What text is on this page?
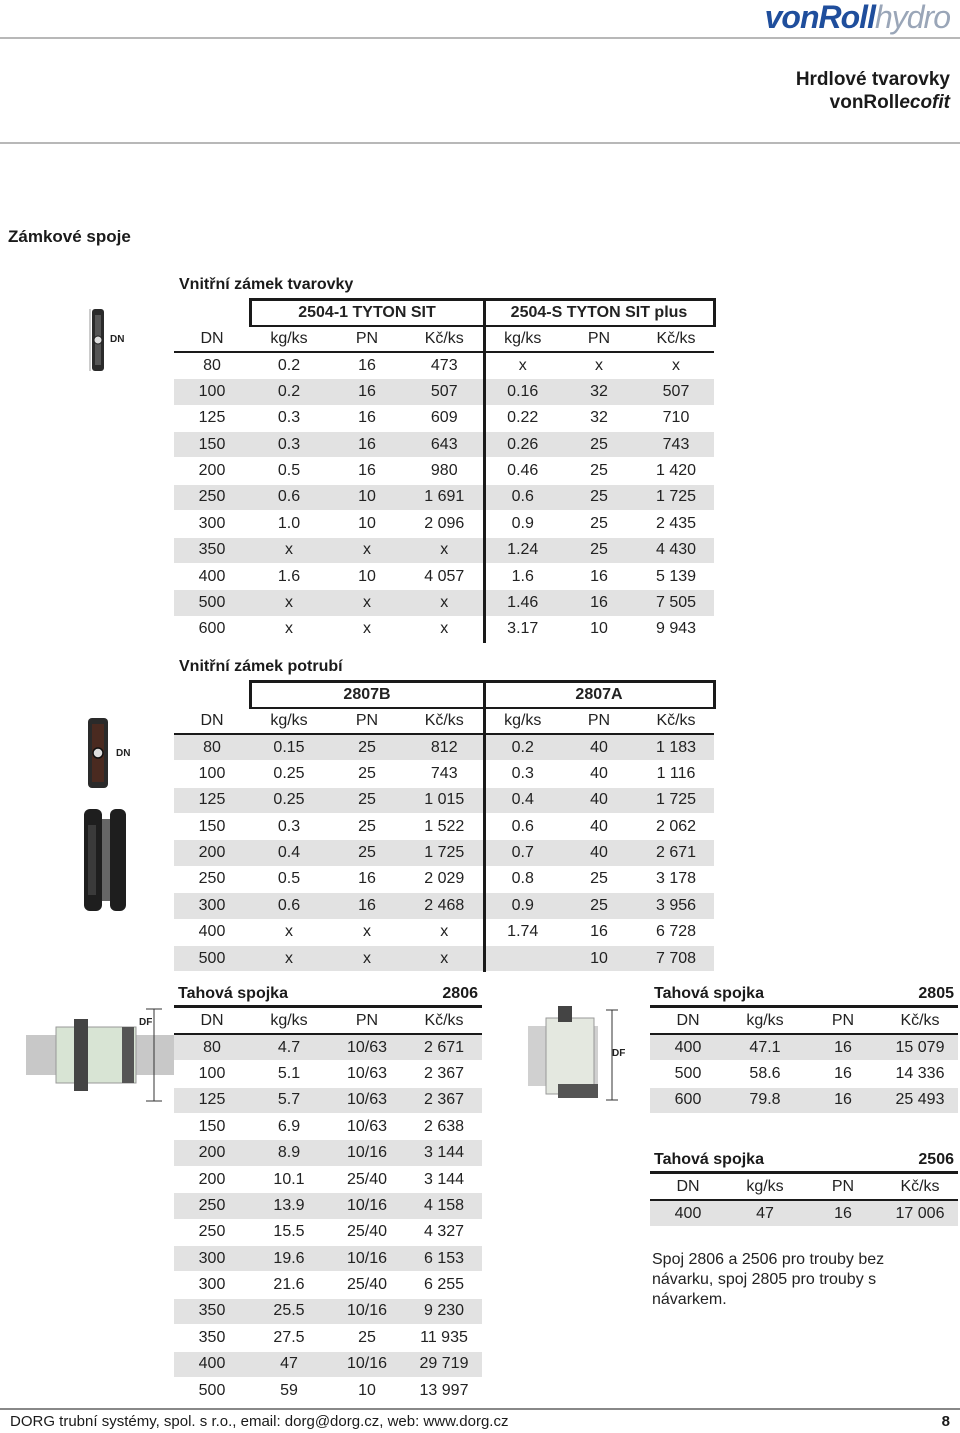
vonRollhydro
Hrdlové tvarovky
vonRollecofit
Zámkové spoje
DN
Vnitřní zámek tvarovky
	2504-1 TYTON SIT			2504-S TYTON SIT plus		
DN	kg/ks	PN	Kč/ks	kg/ks	PN	Kč/ks
80	0.2	16	473	x	x	x
100	0.2	16	507	0.16	32	507
125	0.3	16	609	0.22	32	710
150	0.3	16	643	0.26	25	743
200	0.5	16	980	0.46	25	1 420
250	0.6	10	1 691	0.6	25	1 725
300	1.0	10	2 096	0.9	25	2 435
350	x	x	x	1.24	25	4 430
400	1.6	10	4 057	1.6	16	5 139
500	x	x	x	1.46	16	7 505
600	x	x	x	3.17	10	9 943
DN
Vnitřní zámek potrubí
	2807B			2807A		
DN	kg/ks	PN	Kč/ks	kg/ks	PN	Kč/ks
80	0.15	25	812	0.2	40	1 183
100	0.25	25	743	0.3	40	1 116
125	0.25	25	1 015	0.4	40	1 725
150	0.3	25	1 522	0.6	40	2 062
200	0.4	25	1 725	0.7	40	2 671
250	0.5	16	2 029	0.8	25	3 178
300	0.6	16	2 468	0.9	25	3 956
400	x	x	x	1.74	16	6 728
500	x	x	x		10	7 708
DF
Tahová spojka	2806
DN	kg/ks	PN	Kč/ks
80	4.7	10/63	2 671
100	5.1	10/63	2 367
125	5.7	10/63	2 367
150	6.9	10/63	2 638
200	8.9	10/16	3 144
200	10.1	25/40	3 144
250	13.9	10/16	4 158
250	15.5	25/40	4 327
300	19.6	10/16	6 153
300	21.6	25/40	6 255
350	25.5	10/16	9 230
350	27.5	25	11 935
400	47	10/16	29 719
500	59	10	13 997
DF
Tahová spojka	2805
DN	kg/ks	PN	Kč/ks
400	47.1	16	15 079
500	58.6	16	14 336
600	79.8	16	25 493
Tahová spojka	2506
DN	kg/ks	PN	Kč/ks
400	47	16	17 006
Spoj 2806 a 2506 pro trouby bez návarku, spoj 2805 pro trouby s návarkem.
DORG trubní systémy, spol. s r.o., email: dorg@dorg.cz, web: www.dorg.cz	8
